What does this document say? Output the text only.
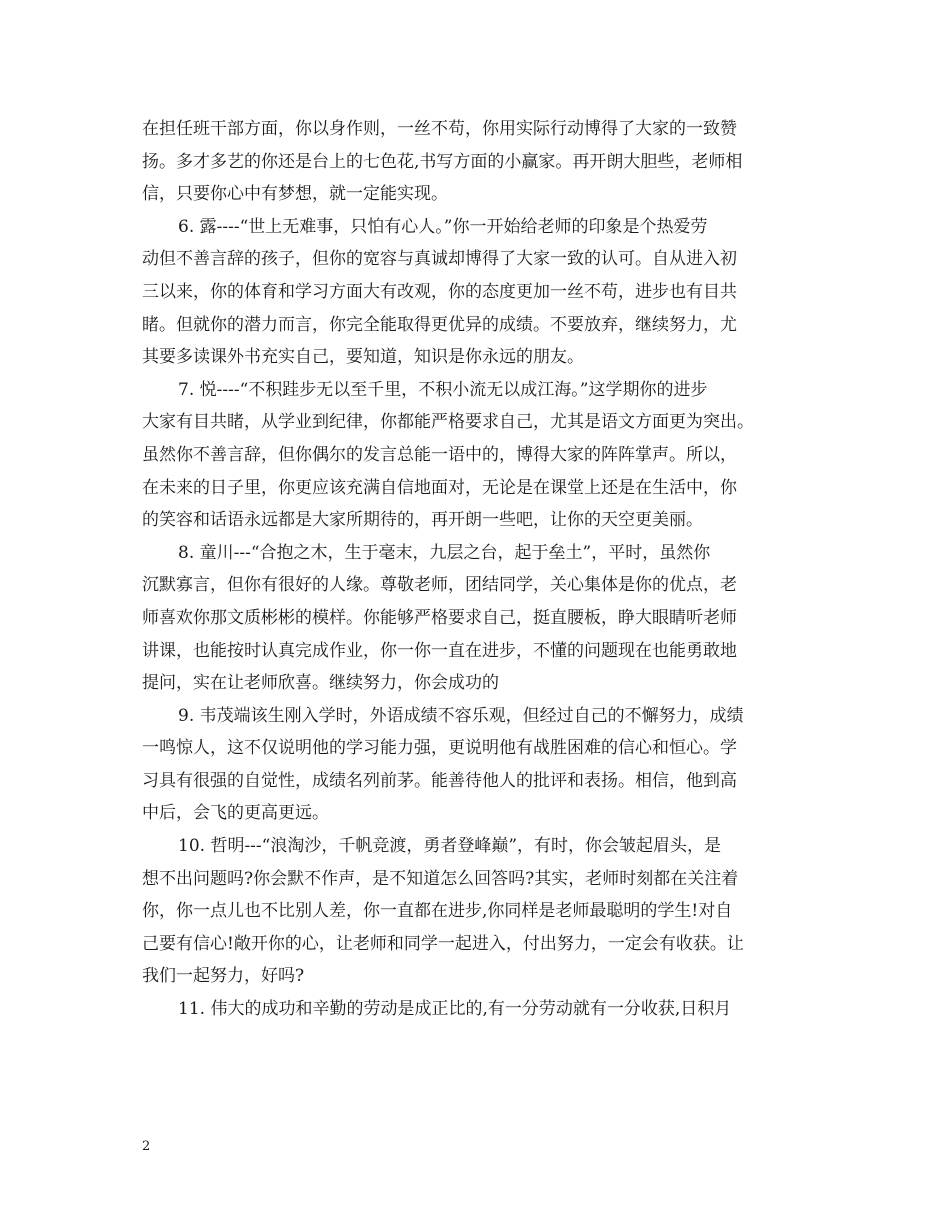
在担任班干部方面，你以身作则，一丝不苟，你用实际行动博得了大家的一致赞
扬。多才多艺的你还是台上的七色花,书写方面的小赢家。再开朗大胆些，老师相
信，只要你心中有梦想，就一定能实现。
6. 露----“世上无难事，只怕有心人。”你一开始给老师的印象是个热爱劳
动但不善言辞的孩子，但你的宽容与真诚却博得了大家一致的认可。自从进入初
三以来，你的体育和学习方面大有改观，你的态度更加一丝不苟，进步也有目共
睹。但就你的潜力而言，你完全能取得更优异的成绩。不要放弃，继续努力，尤
其要多读课外书充实自己，要知道，知识是你永远的朋友。
7. 悦----“不积跬步无以至千里，不积小流无以成江海。”这学期你的进步
大家有目共睹，从学业到纪律，你都能严格要求自己，尤其是语文方面更为突出。
虽然你不善言辞，但你偶尔的发言总能一语中的，博得大家的阵阵掌声。所以，
在未来的日子里，你更应该充满自信地面对，无论是在课堂上还是在生活中，你
的笑容和话语永远都是大家所期待的，再开朗一些吧，让你的天空更美丽。
8. 童川---“合抱之木，生于毫末，九层之台，起于垒土”，平时，虽然你
沉默寡言，但你有很好的人缘。尊敬老师，团结同学，关心集体是你的优点，老
师喜欢你那文质彬彬的模样。你能够严格要求自己，挺直腰板，睁大眼睛听老师
讲课，也能按时认真完成作业，你一你一直在进步，不懂的问题现在也能勇敢地
提问，实在让老师欣喜。继续努力，你会成功的
9. 韦茂端该生刚入学时，外语成绩不容乐观，但经过自己的不懈努力，成绩
一鸣惊人，这不仅说明他的学习能力强，更说明他有战胜困难的信心和恒心。学
习具有很强的自觉性，成绩名列前茅。能善待他人的批评和表扬。相信，他到高
中后，会飞的更高更远。
10. 哲明---“浪淘沙，千帆竞渡，勇者登峰巅”，有时，你会皱起眉头，是
想不出问题吗?你会默不作声，是不知道怎么回答吗?其实，老师时刻都在关注着
你，你一点儿也不比别人差，你一直都在进步,你同样是老师最聪明的学生!对自
己要有信心!敞开你的心，让老师和同学一起进入，付出努力，一定会有收获。让
我们一起努力，好吗?
11. 伟大的成功和辛勤的劳动是成正比的,有一分劳动就有一分收获,日积月
2
